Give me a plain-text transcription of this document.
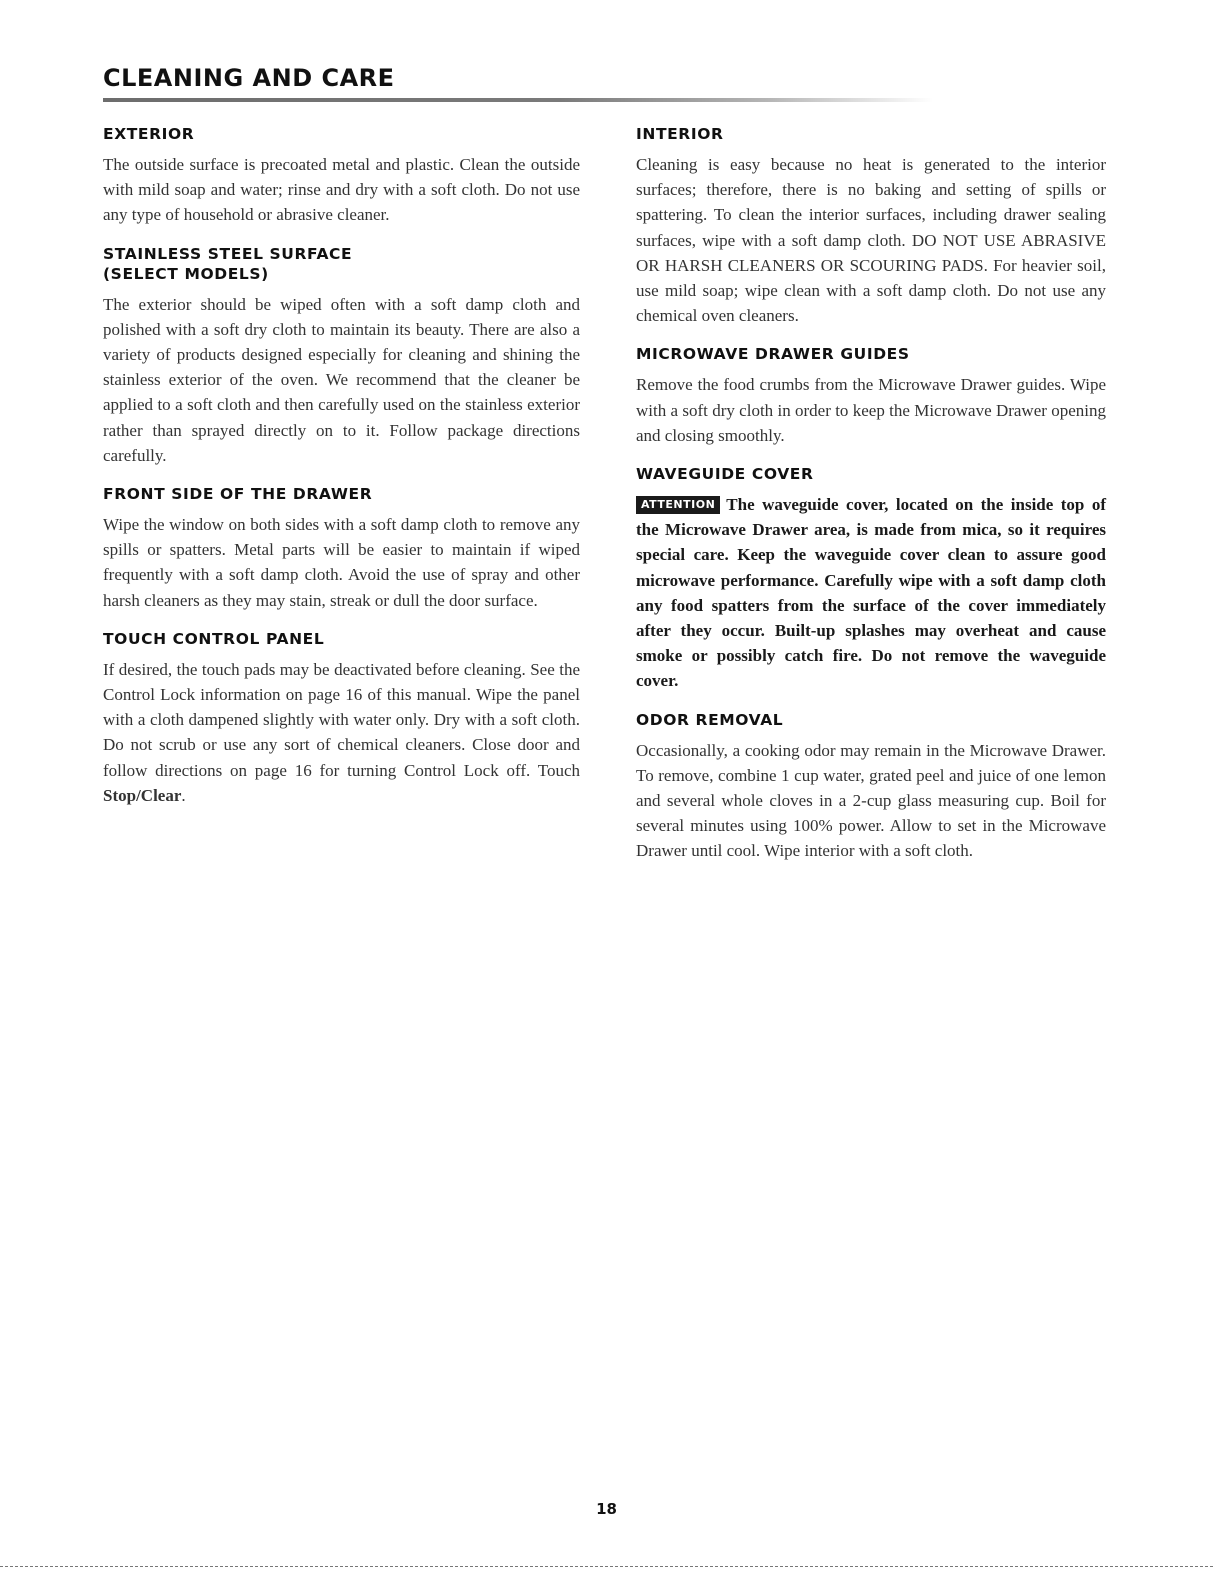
CLEANING AND CARE
EXTERIOR

The outside surface is precoated metal and plastic. Clean the outside with mild soap and water; rinse and dry with a soft cloth. Do not use any type of household or abrasive cleaner.

STAINLESS STEEL SURFACE
(SELECT MODELS)

The exterior should be wiped often with a soft damp cloth and polished with a soft dry cloth to maintain its beauty. There are also a variety of products designed especially for cleaning and shining the stainless exterior of the oven. We recommend that the cleaner be applied to a soft cloth and then carefully used on the stainless exterior rather than sprayed directly on to it. Follow package directions carefully.

FRONT SIDE OF THE DRAWER

Wipe the window on both sides with a soft damp cloth to remove any spills or spatters. Metal parts will be easier to maintain if wiped frequently with a soft damp cloth. Avoid the use of spray and other harsh cleaners as they may stain, streak or dull the door surface.

TOUCH CONTROL PANEL

If desired, the touch pads may be deactivated before cleaning. See the Control Lock information on page 16 of this manual. Wipe the panel with a cloth dampened slightly with water only. Dry with a soft cloth. Do not scrub or use any sort of chemical cleaners. Close door and follow directions on page 16 for turning Control Lock off. Touch Stop/Clear.

INTERIOR

Cleaning is easy because no heat is generated to the interior surfaces; therefore, there is no baking and setting of spills or spattering. To clean the interior surfaces, including drawer sealing surfaces, wipe with a soft damp cloth. DO NOT USE ABRASIVE OR HARSH CLEANERS OR SCOURING PADS. For heavier soil, use mild soap; wipe clean with a soft damp cloth. Do not use any chemical oven cleaners.

MICROWAVE DRAWER GUIDES

Remove the food crumbs from the Microwave Drawer guides. Wipe with a soft dry cloth in order to keep the Microwave Drawer opening and closing smoothly.

WAVEGUIDE COVER

ATTENTION The waveguide cover, located on the inside top of the Microwave Drawer area, is made from mica, so it requires special care. Keep the waveguide cover clean to assure good microwave performance. Carefully wipe with a soft damp cloth any food spatters from the surface of the cover immediately after they occur. Built-up splashes may overheat and cause smoke or possibly catch fire. Do not remove the waveguide cover.

ODOR REMOVAL

Occasionally, a cooking odor may remain in the Microwave Drawer. To remove, combine 1 cup water, grated peel and juice of one lemon and several whole cloves in a 2-cup glass measuring cup. Boil for several minutes using 100% power. Allow to set in the Microwave Drawer until cool. Wipe interior with a soft cloth.

18
